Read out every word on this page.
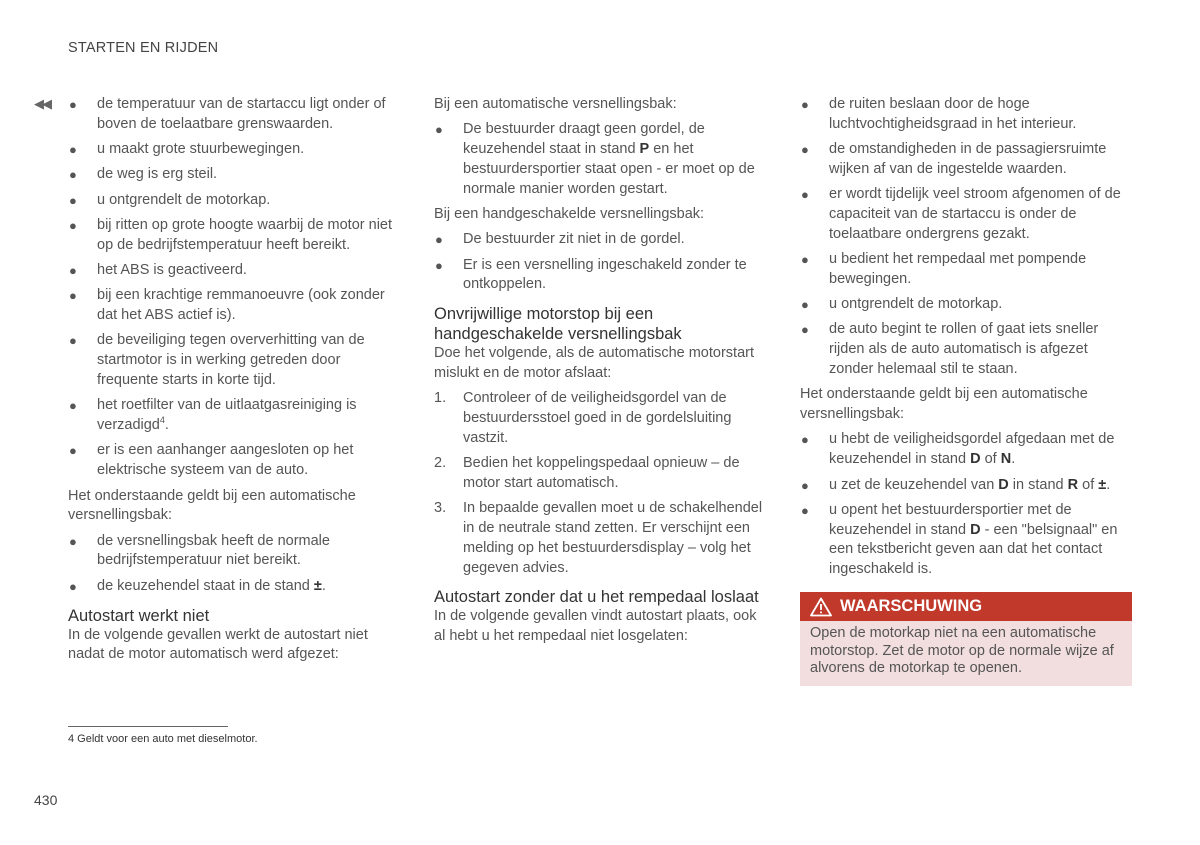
STARTEN EN RIJDEN
◀◀ ● de temperatuur van de startaccu ligt onder of boven de toelaatbare grenswaarden.
● u maakt grote stuurbewegingen.
● de weg is erg steil.
● u ontgrendelt de motorkap.
● bij ritten op grote hoogte waarbij de motor niet op de bedrijfstemperatuur heeft bereikt.
● het ABS is geactiveerd.
● bij een krachtige remmanoeuvre (ook zonder dat het ABS actief is).
● de beveiliging tegen oververhitting van de startmotor is in werking getreden door frequente starts in korte tijd.
● het roetfilter van de uitlaatgasreiniging is verzadigd$^4$.
● er is een aanhanger aangesloten op het elektrische systeem van de auto.

Het onderstaande geldt bij een automatische versnellingsbak:

● de versnellingsbak heeft de normale bedrijfstemperatuur niet bereikt.
● de keuzehendel staat in de stand ±.
Autostart werkt niet

In de volgende gevallen werkt de autostart niet nadat de motor automatisch werd afgezet:

Bij een automatische versnellingsbak:

● De bestuurder draagt geen gordel, de keuzehendel staat in stand P en het bestuurdersportier staat open - er moet op de normale manier worden gestart.

Bij een handgeschakelde versnellingsbak:

● De bestuurder zit niet in de gordel.
● Er is een versnelling ingeschakeld zonder te ontkoppelen.
Onvrijwillige motorstop bij een handgeschakelde versnellingsbak

Doe het volgende, als de automatische motorstart mislukt en de motor afslaat:

1. Controleer of de veiligheidsgordel van de bestuurdersstoel goed in de gordelsluiting vastzit.
2. Bedien het koppelingspedaal opnieuw – de motor start automatisch.
3. In bepaalde gevallen moet u de schakelhendel in de neutrale stand zetten. Er verschijnt een melding op het bestuurdersdisplay – volg het gegeven advies.
Autostart zonder dat u het rempedaal loslaat

In de volgende gevallen vindt autostart plaats, ook al hebt u het rempedaal niet losgelaten:

● de ruiten beslaan door de hoge luchtvochtigheidsgraad in het interieur.
● de omstandigheden in de passagiersruimte wijken af van de ingestelde waarden.
● er wordt tijdelijk veel stroom afgenomen of de capaciteit van de startaccu is onder de toelaatbare ondergrens gezakt.
● u bedient het rempedaal met pompende bewegingen.
● u ontgrendelt de motorkap.
● de auto begint te rollen of gaat iets sneller rijden als de auto automatisch is afgezet zonder helemaal stil te staan.

Het onderstaande geldt bij een automatische versnellingsbak:

● u hebt de veiligheidsgordel afgedaan met de keuzehendel in stand D of N.
● u zet de keuzehendel van D in stand R of ±.
● u opent het bestuurdersportier met de keuzehendel in stand D - een "belsignaal" en een tekstbericht geven aan dat het contact ingeschakeld is.
WAARSCHUWING
Open de motorkap niet na een automatische motorstop. Zet de motor op de normale wijze af alvorens de motorkap te openen.
4 Geldt voor een auto met dieselmotor.
430
